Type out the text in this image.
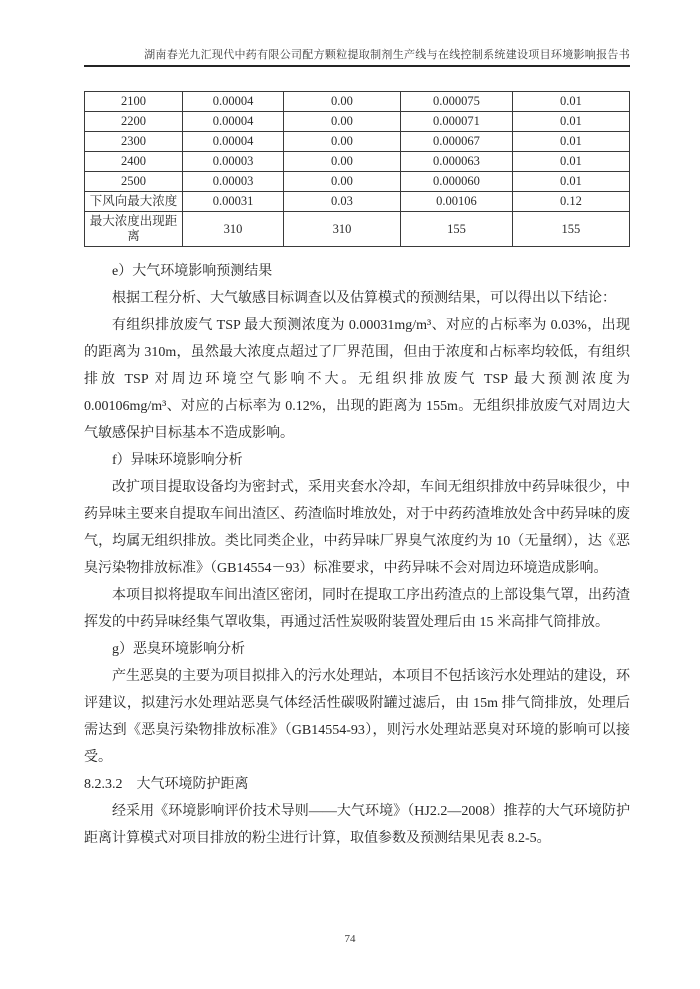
湖南春光九汇现代中药有限公司配方颗粒提取制剂生产线与在线控制系统建设项目环境影响报告书
2100	0.00004	0.00	0.000075	0.01
2200	0.00004	0.00	0.000071	0.01
2300	0.00004	0.00	0.000067	0.01
2400	0.00003	0.00	0.000063	0.01
2500	0.00003	0.00	0.000060	0.01
下风向最大浓度	0.00031	0.03	0.00106	0.12
最大浓度出现距离	310	310	155	155

e）大气环境影响预测结果

根据工程分析、大气敏感目标调查以及估算模式的预测结果，可以得出以下结论：

有组织排放废气 TSP 最大预测浓度为 0.00031mg/m³、对应的占标率为 0.03%，出现的距离为 310m，虽然最大浓度点超过了厂界范围，但由于浓度和占标率均较低，有组织排放 TSP 对周边环境空气影响不大。无组织排放废气 TSP 最大预测浓度为 0.00106mg/m³、对应的占标率为 0.12%，出现的距离为 155m。无组织排放废气对周边大气敏感保护目标基本不造成影响。

f）异味环境影响分析

改扩项目提取设备均为密封式，采用夹套水冷却，车间无组织排放中药异味很少，中药异味主要来自提取车间出渣区、药渣临时堆放处，对于中药药渣堆放处含中药异味的废气，均属无组织排放。类比同类企业，中药异味厂界臭气浓度约为 10（无量纲），达《恶臭污染物排放标准》（GB14554－93）标准要求，中药异味不会对周边环境造成影响。

本项目拟将提取车间出渣区密闭，同时在提取工序出药渣点的上部设集气罩，出药渣挥发的中药异味经集气罩收集，再通过活性炭吸附装置处理后由 15 米高排气筒排放。

g）恶臭环境影响分析

产生恶臭的主要为项目拟排入的污水处理站，本项目不包括该污水处理站的建设，环评建议，拟建污水处理站恶臭气体经活性碳吸附罐过滤后，由 15m 排气筒排放，处理后需达到《恶臭污染物排放标准》（GB14554-93），则污水处理站恶臭对环境的影响可以接受。

8.2.3.2　大气环境防护距离

经采用《环境影响评价技术导则——大气环境》（HJ2.2—2008）推荐的大气环境防护距离计算模式对项目排放的粉尘进行计算，取值参数及预测结果见表 8.2-5。

74
